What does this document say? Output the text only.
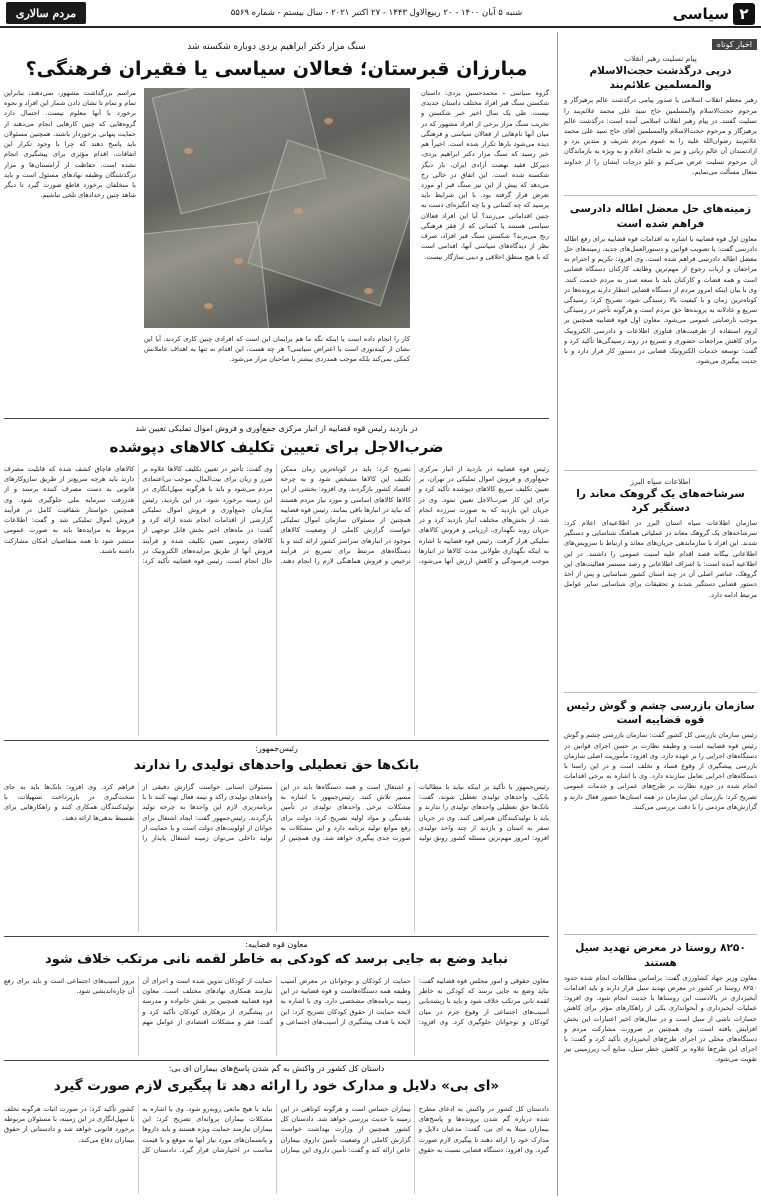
۲
سیاسی
شنبه ۵ آبان ۱۴۰۰ - ۲۰ ربیع‌الاول ۱۴۴۳ - ۲۷ اکتبر ۲۰۲۱ - سال بیستم - شماره ۵۵۶۹
مردم سالاری
اخبار کوتاه
پیام تسلیت رهبر انقلاب
درپی درگذشت حجت‌الاسلام والمسلمین علائم‌بند
رهبر معظم انقلاب اسلامی با صدور پیامی درگذشت عالم پرهیزگار و مرحوم حجت‌الاسلام والمسلمین حاج سید علی محمد علائم‌بند را تسلیت گفتند. در پیام رهبر انقلاب اسلامی آمده است: درگذشت عالم پرهیزگار و مرحوم حجت‌الاسلام والمسلمین آقای حاج سید علی محمد علائم‌بند رضوان‌الله علیه را به عموم مردم شریف و متدین یزد و ارادتمندان آن عالم ربانی و نیز به علمای اعلام و به ویژه به بازماندگان آن مرحوم تسلیت عرض می‌کنم و علو درجات ایشان را از خداوند متعال مسألت می‌نمایم.
زمینه‌های حل معضل اطاله دادرسی فراهم شده است
معاون اول قوه قضاییه با اشاره به اقدامات قوه قضاییه برای رفع اطاله دادرسی گفت: با تصویب قوانین و دستورالعمل‌های جدید، زمینه‌های حل معضل اطاله دادرسی فراهم شده است. وی افزود: تکریم و احترام به مراجعان و ارباب رجوع از مهم‌ترین وظایف کارکنان دستگاه قضایی است و همه قضات و کارکنان باید با سعه صدر به مردم خدمت کنند. وی با بیان اینکه امروز مردم از دستگاه قضایی انتظار دارند پرونده‌ها در کوتاه‌ترین زمان و با کیفیت بالا رسیدگی شود، تصریح کرد: رسیدگی سریع و عادلانه به پرونده‌ها حق مردم است و هرگونه تأخیر در رسیدگی موجب نارضایتی عمومی می‌شود. معاون اول قوه قضاییه همچنین بر لزوم استفاده از ظرفیت‌های فناوری اطلاعات و دادرسی الکترونیک برای کاهش مراجعات حضوری و تسریع در روند رسیدگی‌ها تأکید کرد و گفت: توسعه خدمات الکترونیک قضایی در دستور کار قرار دارد و با جدیت پیگیری می‌شود.
اطلاعات سپاه البرز
سرشاخه‌های یک گروهک معاند را دستگیر کرد
سازمان اطلاعات سپاه استان البرز در اطلاعیه‌ای اعلام کرد: سرشاخه‌های یک گروهک معاند در عملیاتی هماهنگ شناسایی و دستگیر شدند. این افراد با سازماندهی جریان‌های معاند و ارتباط با سرویس‌های اطلاعاتی بیگانه قصد اقدام علیه امنیت عمومی را داشتند. در این اطلاعیه آمده است: با اشراف اطلاعاتی و رصد مستمر فعالیت‌های این گروهک، عناصر اصلی آن در چند استان کشور شناسایی و پس از اخذ دستور قضایی دستگیر شدند و تحقیقات برای شناسایی سایر عوامل مرتبط ادامه دارد.
سازمان بازرسی چشم و گوش رئیس قوه قضاییه است
رئیس سازمان بازرسی کل کشور گفت: سازمان بازرسی چشم و گوش رئیس قوه قضاییه است و وظیفه نظارت بر حسن اجرای قوانین در دستگاه‌های اجرایی را بر عهده دارد. وی افزود: مأموریت اصلی سازمان بازرسی پیشگیری از وقوع فساد و تخلف است و در این راستا با دستگاه‌های اجرایی تعامل سازنده دارد. وی با اشاره به برخی اقدامات انجام شده در حوزه نظارت بر طرح‌های عمرانی و خدمات عمومی تصریح کرد: بازرسان این سازمان در همه استان‌ها حضور فعال دارند و گزارش‌های مردمی را با دقت بررسی می‌کنند.
۸۲۵۰ روستا در معرض تهدید سیل هستند
معاون وزیر جهاد کشاورزی گفت: براساس مطالعات انجام شده حدود ۸۲۵۰ روستا در کشور در معرض تهدید سیل قرار دارند و باید اقدامات آبخیزداری در بالادست این روستاها با جدیت انجام شود. وی افزود: عملیات آبخیزداری و آبخوانداری یکی از راهکارهای مؤثر برای کاهش خسارات ناشی از سیل است و در سال‌های اخیر اعتبارات این بخش افزایش یافته است. وی همچنین بر ضرورت مشارکت مردم و دستگاه‌های محلی در اجرای طرح‌های آبخیزداری تأکید کرد و گفت: با اجرای این طرح‌ها علاوه بر کاهش خطر سیل، منابع آب زیرزمینی نیز تقویت می‌شود.
سنگ مزار دکتر ابراهیم یزدی دوباره شکسته شد
مبارزان قبرستان؛ فعالان سیاسی یا فقیران فرهنگی؟
گروه سیاسی – محمدحسین یزدی: داستان شکستن سنگ قبر افراد مختلف داستان جدیدی نیست. طی یک سال اخیر خبر شکستن و تخریب سنگ مزار برخی از افراد مشهور که در میان آنها نام‌هایی از فعالان سیاسی و فرهنگی دیده می‌شود بارها تکرار شده است. اخیراً هم خبر رسید که سنگ مزار دکتر ابراهیم یزدی، دبیرکل فقید نهضت آزادی ایران، بار دیگر شکسته شده است. این اتفاق در حالی رخ می‌دهد که پیش از این نیز سنگ قبر او مورد تعرض قرار گرفته بود. با این شرایط باید پرسید که چه کسانی و با چه انگیزه‌ای دست به چنین اقداماتی می‌زنند؟ آیا این افراد فعالان سیاسی هستند یا کسانی که از فقر فرهنگی رنج می‌برند؟ شکستن سنگ قبر افراد، صرف نظر از دیدگاه‌های سیاسی آنها، اقدامی است که با هیچ منطق اخلاقی و دینی سازگار نیست.
کار را انجام داده است یا اینکه نگه ما هم برایمان این است که افرادی چنین کاری کردند. آیا این نشان از کینه‌توزی است یا اعتراض سیاسی؟ هر چه هست، این اقدام نه تنها به اهداف عاملانش کمکی نمی‌کند بلکه موجب همدردی بیشتر با صاحبان مزار می‌شود.
مراسم بزرگداشت مشهور، نمی‌دهند، بنابراین تمام و تمام تا نشان دادن شمار این افراد و نحوه برخورد با آنها معلوم نیست. احتمال دارد گروه‌هایی که چنین کارهایی انجام می‌دهند از حمایت پنهانی برخوردار باشند. همچنین مسئولان باید پاسخ دهند که چرا با وجود تکرار این اتفاقات، اقدام مؤثری برای پیشگیری انجام نشده است. حفاظت از آرامستان‌ها و مزار درگذشتگان وظیفه نهادهای مسئول است و باید با متخلفان برخورد قاطع صورت گیرد تا دیگر شاهد چنین رخدادهای تلخی نباشیم.
در بازدید رئیس قوه قضاییه از انبار مرکزی جمع‌آوری و فروش اموال تملیکی تعیین شد
ضرب‌الاجل برای تعیین تکلیف کالاهای دپوشده
رئیس قوه قضاییه در بازدید از انبار مرکزی جمع‌آوری و فروش اموال تملیکی در تهران، بر تعیین تکلیف سریع کالاهای دپوشده تأکید کرد و برای این کار ضرب‌الاجل تعیین نمود. وی در جریان این بازدید که به صورت سرزده انجام شد، از بخش‌های مختلف انبار بازدید کرد و در جریان روند نگهداری، ارزیابی و فروش کالاهای تملیکی قرار گرفت. رئیس قوه قضاییه با اشاره به اینکه نگهداری طولانی مدت کالاها در انبارها موجب فرسودگی و کاهش ارزش آنها می‌شود، تصریح کرد: باید در کوتاه‌ترین زمان ممکن تکلیف این کالاها مشخص شود و به چرخه اقتصاد کشور بازگردند. وی افزود: بخشی از این کالاها کالاهای اساسی و مورد نیاز مردم هستند که نباید در انبارها باقی بمانند. رئیس قوه قضاییه همچنین از مسئولان سازمان اموال تملیکی خواست گزارش کاملی از وضعیت کالاهای موجود در انبارهای سراسر کشور ارائه کنند و با دستگاه‌های مرتبط برای تسریع در فرآیند ترخیص و فروش هماهنگی لازم را انجام دهند. وی گفت: تأخیر در تعیین تکلیف کالاها علاوه بر ضرر و زیان برای بیت‌المال، موجب بی‌اعتمادی مردم می‌شود و باید با هرگونه سهل‌انگاری در این زمینه برخورد شود. در این بازدید، رئیس سازمان جمع‌آوری و فروش اموال تملیکی گزارشی از اقدامات انجام شده ارائه کرد و گفت: در ماه‌های اخیر بخش قابل توجهی از کالاهای رسوبی تعیین تکلیف شده و فرآیند فروش آنها از طریق مزایده‌های الکترونیک در حال انجام است. رئیس قوه قضاییه تأکید کرد: کالاهای قاچاق کشف شده که قابلیت مصرف دارند باید هرچه سریع‌تر از طریق سازوکارهای قانونی به دست مصرف کننده برسند و از هدررفت سرمایه ملی جلوگیری شود. وی همچنین خواستار شفافیت کامل در فرآیند فروش اموال تملیکی شد و گفت: اطلاعات مربوط به مزایده‌ها باید به صورت عمومی منتشر شود تا همه متقاضیان امکان مشارکت داشته باشند.
رئیس‌جمهور:
بانک‌ها حق تعطیلی واحدهای تولیدی را ندارند
رئیس‌جمهور با تأکید بر اینکه نباید با مطالبات بانکی، واحدهای تولیدی تعطیل شوند، گفت: بانک‌ها حق تعطیلی واحدهای تولیدی را ندارند و باید با تولیدکنندگان همراهی کنند. وی در جریان سفر به استان و بازدید از چند واحد تولیدی افزود: امروز مهم‌ترین مسئله کشور رونق تولید و اشتغال است و همه دستگاه‌ها باید در این مسیر تلاش کنند. رئیس‌جمهور با اشاره به مشکلات برخی واحدهای تولیدی در تأمین نقدینگی و مواد اولیه تصریح کرد: دولت برای رفع موانع تولید برنامه دارد و این مشکلات به صورت جدی پیگیری خواهد شد. وی همچنین از مسئولان استانی خواست گزارش دقیقی از واحدهای تولیدی راکد و نیمه فعال تهیه کنند تا با برنامه‌ریزی لازم این واحدها به چرخه تولید بازگردند. رئیس‌جمهور گفت: ایجاد اشتغال برای جوانان از اولویت‌های دولت است و با حمایت از تولید داخلی می‌توان زمینه اشتغال پایدار را فراهم کرد. وی افزود: بانک‌ها باید به جای سخت‌گیری در بازپرداخت تسهیلات، با تولیدکنندگان همکاری کنند و راهکارهایی برای تقسیط بدهی‌ها ارائه دهند.
معاون قوه قضاییه:
نباید وضع به جایی برسد که کودکی به خاطر لقمه نانی مرتکب خلاف شود
معاون حقوقی و امور مجلس قوه قضاییه گفت: نباید وضع به جایی برسد که کودکی به خاطر لقمه نانی مرتکب خلاف شود و باید با ریشه‌یابی آسیب‌های اجتماعی از وقوع جرم در میان کودکان و نوجوانان جلوگیری کرد. وی افزود: حمایت از کودکان و نوجوانان در معرض آسیب وظیفه همه دستگاه‌هاست و قوه قضاییه در این زمینه برنامه‌های مشخصی دارد. وی با اشاره به لایحه حمایت از حقوق کودکان تصریح کرد: این لایحه با هدف پیشگیری از آسیب‌های اجتماعی و حمایت از کودکان تدوین شده است و اجرای آن نیازمند همکاری نهادهای مختلف است. معاون قوه قضاییه همچنین بر نقش خانواده و مدرسه در پیشگیری از بزهکاری کودکان تأکید کرد و گفت: فقر و مشکلات اقتصادی از عوامل مهم بروز آسیب‌های اجتماعی است و باید برای رفع آن چاره‌اندیشی شود.
داستان کل کشور در واکنش به گم شدن پاسخ‌های بیماران ای بی:
«ای بی» دلایل و مدارک خود را ارائه دهد تا پیگیری لازم صورت گیرد
دادستان کل کشور در واکنش به ادعای مطرح شده درباره گم شدن پرونده‌ها و پاسخ‌های بیماران مبتلا به ای بی، گفت: مدعیان دلایل و مدارک خود را ارائه دهند تا پیگیری لازم صورت گیرد. وی افزود: دستگاه قضایی نسبت به حقوق بیماران حساس است و هرگونه کوتاهی در این زمینه با جدیت بررسی خواهد شد. دادستان کل کشور همچنین از وزارت بهداشت خواست گزارش کاملی از وضعیت تأمین داروی بیماران خاص ارائه کند و گفت: تأمین داروی این بیماران نباید با هیچ مانعی روبه‌رو شود. وی با اشاره به مشکلات بیماران پروانه‌ای تصریح کرد: این بیماران نیازمند حمایت ویژه هستند و باید داروها و پانسمان‌های مورد نیاز آنها به موقع و با قیمت مناسب در اختیارشان قرار گیرد. دادستان کل کشور تأکید کرد: در صورت اثبات هرگونه تخلف یا سهل‌انگاری در این زمینه، با مسئولان مربوطه برخورد قانونی خواهد شد و دادستانی از حقوق بیماران دفاع می‌کند.
